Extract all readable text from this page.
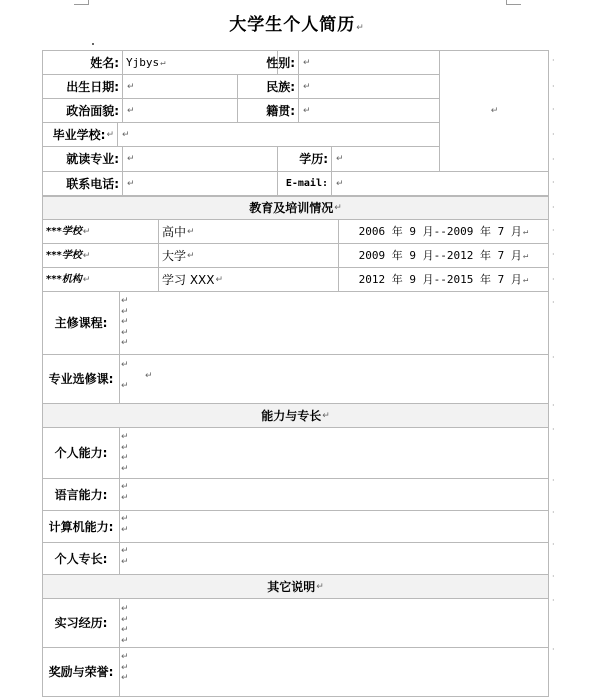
大学生个人简历↵
姓名: Yjbys ↵	性别: ↵
↵
出生日期: ↵	民族: ↵
政治面貌: ↵	籍贯: ↵
毕业学校: ↵ ↵
就读专业: ↵	学历: ↵
联系电话: ↵	E-mail: ↵
教育及培训情况 ↵
***学校 ↵	高中 ↵	2006 年 9 月--2009 年 7 月 ↵
***学校 ↵	大学 ↵	2009 年 9 月--2012 年 7 月 ↵
***机构 ↵	学习 XXX ↵	2012 年 9 月--2015 年 7 月 ↵
主修课程:
专业选修课:
能力与专长 ↵
个人能力:
语言能力:
计算机能力:
个人专长:
其它说明 ↵
实习经历:
奖励与荣誉:
↵
↵
↵
↵
↵
↵
↵
↵
↵
↵
↵
↵
↵
↵
↵
↵
↵
↵
↵
↵
↵
↵
↵
↵
↵
·
·
·
·
·
·
·
·
·
·
·
·
·
·
·
·
·
·
·
·
